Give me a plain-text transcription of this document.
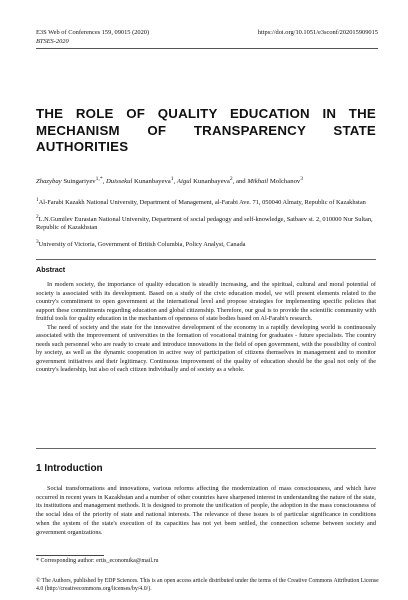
E3S Web of Conferences 159, 09015 (2020)
BTSES-2020
https://doi.org/10.1051/e3sconf/202015909015
THE ROLE OF QUALITY EDUCATION IN THE MECHANISM OF TRANSPARENCY STATE AUTHORITIES
Zhazybay Suingariyev$^{1,*}$, Duissekul Kunanbayeva$^1$, Aigul Kunanbayeva$^2$, and Mikhail Molchanov$^3$

$^1$Al-Farabi Kazakh National University, Department of Management, al-Farabi Ave. 71, 050040 Almaty, Republic of Kazakhstan

$^2$L.N.Gumilev Eurasian National University, Department of social pedagogy and self-knowledge, Satbaev st. 2, 010000 Nur Sultan, Republic of Kazakhstan

$^3$University of Victoria, Government of British Columbia, Policy Analyst, Canada

Abstract

In modern society, the importance of quality education is steadily increasing, and the spiritual, cultural and moral potential of society is associated with its development. Based on a study of the civic education model, we will present elements related to the country's commitment to open government at the international level and propose strategies for implementing specific policies that support these commitments regarding education and global citizenship. Therefore, our goal is to provide the scientific community with fruitful tools for quality education in the mechanism of openness of state bodies based on Al-Farabi's research.

The need of society and the state for the innovative development of the economy in a rapidly developing world is continuously associated with the improvement of universities in the formation of vocational training for graduates - future specialists. The country needs such personnel who are ready to create and introduce innovations in the field of open government, with the possibility of control by society, as well as the dynamic cooperation in active way of participation of citizens themselves in management and to monitor government initiatives and their legitimacy. Continuous improvement of the quality of education should be the goal not only of the country's leadership, but also of each citizen individually and of society as a whole.

1 Introduction

Social transformations and innovations, various reforms affecting the modernization of mass consciousness, and which have occurred in recent years in Kazakhstan and a number of other countries have sharpened interest in understanding the nature of the state, its institutions and management methods. It is designed to promote the unification of people, the adoption in the mass consciousness of the social idea of the priority of state and national interests. The relevance of these issues is of particular significance in conditions when the system of the state's execution of its capacities has not yet been settled, the connection scheme between society and government organizations.

* Corresponding author: ertis_economika@mail.ru
© The Authors, published by EDP Sciences. This is an open access article distributed under the terms of the Creative Commons Attribution License 4.0 (http://creativecommons.org/licenses/by/4.0/).
